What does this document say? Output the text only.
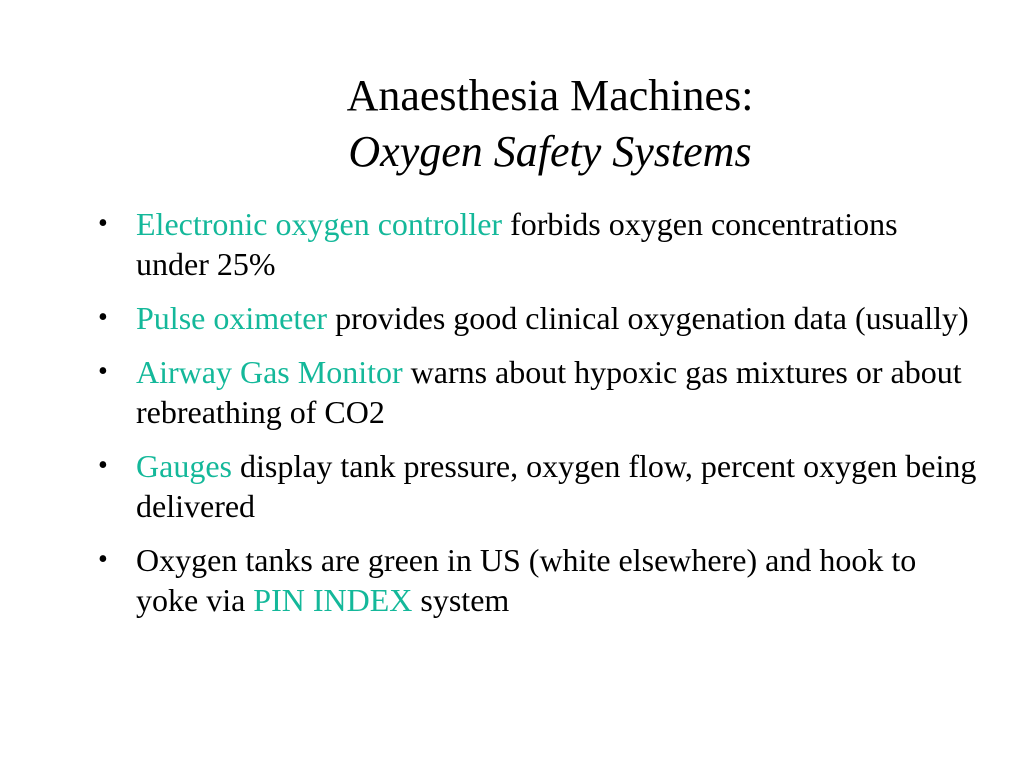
Anaesthesia Machines:
Oxygen Safety Systems
• Electronic oxygen controller forbids oxygen concentrations under 25%
• Pulse oximeter provides good clinical oxygenation data (usually)
• Airway Gas Monitor warns about hypoxic gas mixtures or about rebreathing of CO2
• Gauges display tank pressure, oxygen flow, percent oxygen being delivered
• Oxygen tanks are green in US (white elsewhere) and hook to yoke via PIN INDEX system
